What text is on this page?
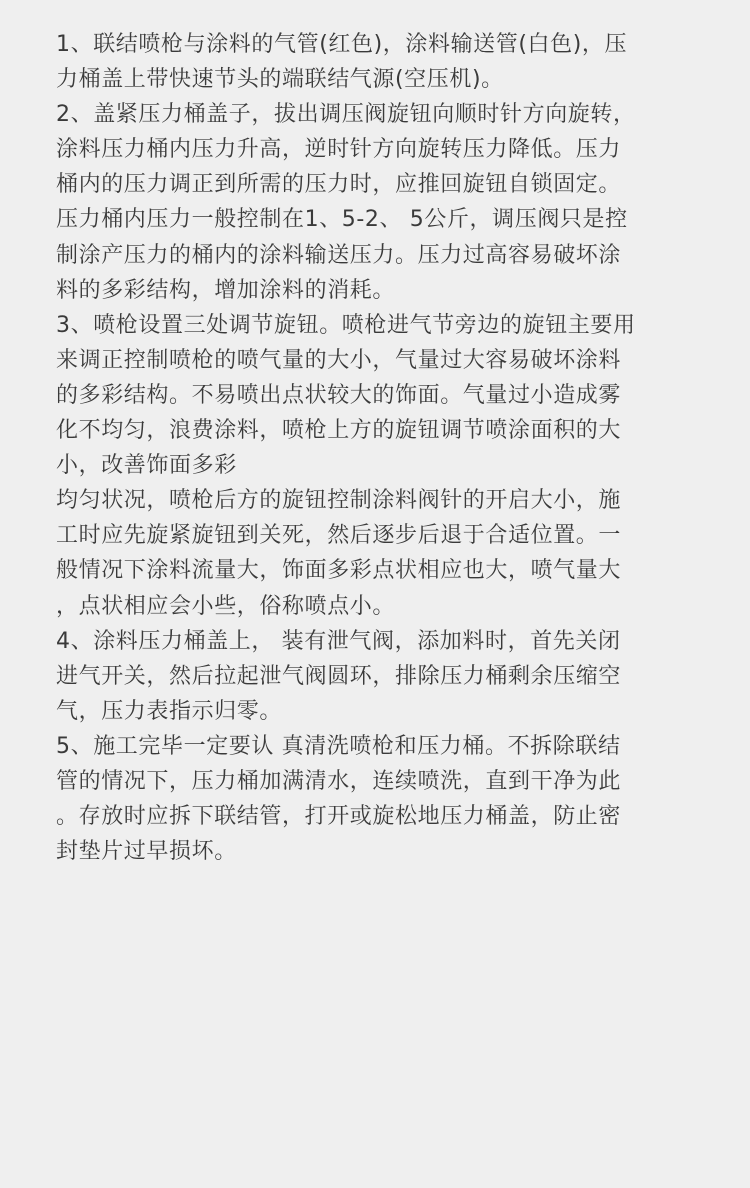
1、联结喷枪与涂料的气管(红色)，涂料输送管(白色)，压
力桶盖上带快速节头的端联结气源(空压机)。
2、盖紧压力桶盖子，拔出调压阀旋钮向顺时针方向旋转，
涂料压力桶内压力升高，逆时针方向旋转压力降低。压力
桶内的压力调正到所需的压力时，应推回旋钮自锁固定。
压力桶内压力一般控制在1、5-2、 5公斤，调压阀只是控
制涂产压力的桶内的涂料输送压力。压力过高容易破坏涂
料的多彩结构，增加涂料的消耗。
3、喷枪设置三处调节旋钮。喷枪进气节旁边的旋钮主要用
来调正控制喷枪的喷气量的大小，气量过大容易破坏涂料
的多彩结构。不易喷出点状较大的饰面。气量过小造成雾
化不均匀，浪费涂料，喷枪上方的旋钮调节喷涂面积的大
小，改善饰面多彩
均匀状况，喷枪后方的旋钮控制涂料阀针的开启大小，施
工时应先旋紧旋钮到关死，然后逐步后退于合适位置。一
般情况下涂料流量大，饰面多彩点状相应也大，喷气量大
，点状相应会小些，俗称喷点小。
4、涂料压力桶盖上， 装有泄气阀，添加料时，首先关闭
进气开关，然后拉起泄气阀圆环，排除压力桶剩余压缩空
气，压力表指示归零。
5、施工完毕一定要认 真清洗喷枪和压力桶。不拆除联结
管的情况下，压力桶加满清水，连续喷洗，直到干净为此
。存放时应拆下联结管，打开或旋松地压力桶盖，防止密
封垫片过早损坏。
